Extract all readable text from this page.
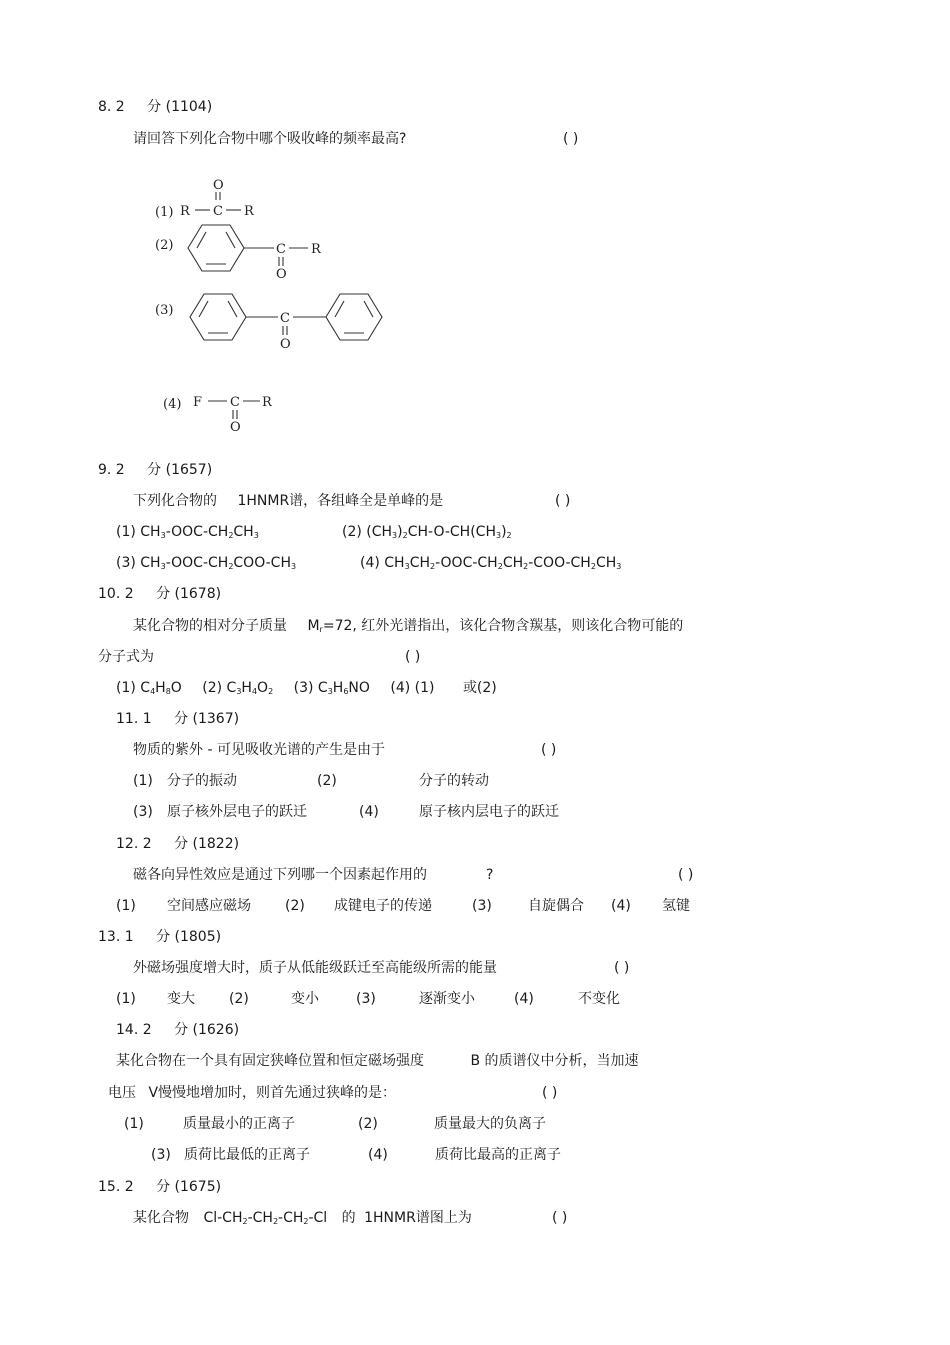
8. 2 分 (1104)
请回答下列化合物中哪个吸收峰的频率最高?	( )
(1) R C R
O
(2)	C R
O
(3)
C
O
(4) F C R
O
9. 2 分 (1657)
下列化合物的 1HNMR谱，各组峰全是单峰的是	( )
(1) $CH_3-OOC-CH_2CH_3$	(2) $(CH_3)_2CH-O-CH(CH_3)_2$
(3) $CH_3-OOC-CH_2COO-CH_3$	(4) $CH_3CH_2-OOC-CH_2CH_2-COO-CH_2CH_3$
10. 2 分 (1678)
某化合物的相对分子质量 $M_r=72$, 红外光谱指出，该化合物含羰基，则该化合物可能的
分子式为	( )
(1) $C_4H_8O$ (2) $C_3H_4O_2$ (3) $C_3H_6NO$ (4) (1) 或(2)
11. 1 分 (1367)
物质的紫外 - 可见吸收光谱的产生是由于	( )
(1) 分子的振动	(2)	分子的转动
(3) 原子核外层电子的跃迁	(4)	原子核内层电子的跃迁
12. 2 分 (1822)
磁各向异性效应是通过下列哪一个因素起作用的	?	( )
(1) 空间感应磁场 (2) 成键电子的传递	(3)	自旋偶合 (4) 氢键
13. 1 分 (1805)
外磁场强度增大时，质子从低能级跃迁至高能级所需的能量	( )
(1) 变大 (2)	变小	(3)	逐渐变小	(4)	不变化
14. 2 分 (1626)
某化合物在一个具有固定狭峰位置和恒定磁场强度	B 的质谱仪中分析，当加速
电压 V慢慢地增加时，则首先通过狭峰的是：	( )
(1)	质量最小的正离子	(2)	质量最大的负离子
(3) 质荷比最低的正离子	(4)	质荷比最高的正离子
15. 2 分 (1675)
某化合物 $Cl-CH_2-CH_2-CH_2-Cl$ 的 1HNMR谱图上为	( )
